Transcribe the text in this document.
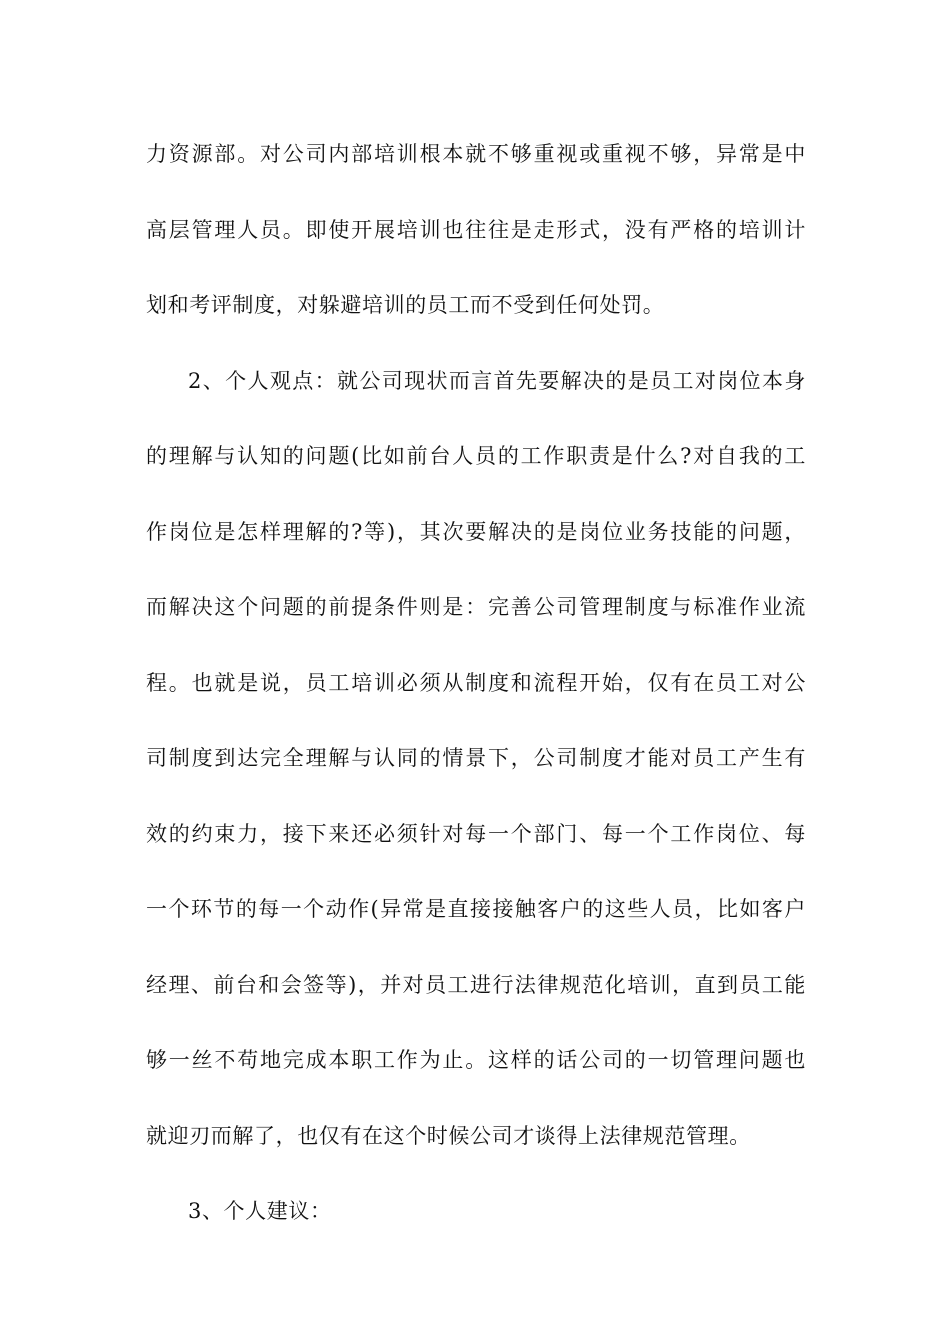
力资源部。对公司内部培训根本就不够重视或重视不够，异常是中
高层管理人员。即使开展培训也往往是走形式，没有严格的培训计
划和考评制度，对躲避培训的员工而不受到任何处罚。
2、个人观点：就公司现状而言首先要解决的是员工对岗位本身
的理解与认知的问题(比如前台人员的工作职责是什么?对自我的工
作岗位是怎样理解的?等)，其次要解决的是岗位业务技能的问题，
而解决这个问题的前提条件则是：完善公司管理制度与标准作业流
程。也就是说，员工培训必须从制度和流程开始，仅有在员工对公
司制度到达完全理解与认同的情景下，公司制度才能对员工产生有
效的约束力，接下来还必须针对每一个部门、每一个工作岗位、每
一个环节的每一个动作(异常是直接接触客户的这些人员，比如客户
经理、前台和会签等)，并对员工进行法律规范化培训，直到员工能
够一丝不苟地完成本职工作为止。这样的话公司的一切管理问题也
就迎刃而解了，也仅有在这个时候公司才谈得上法律规范管理。
3、个人建议：
